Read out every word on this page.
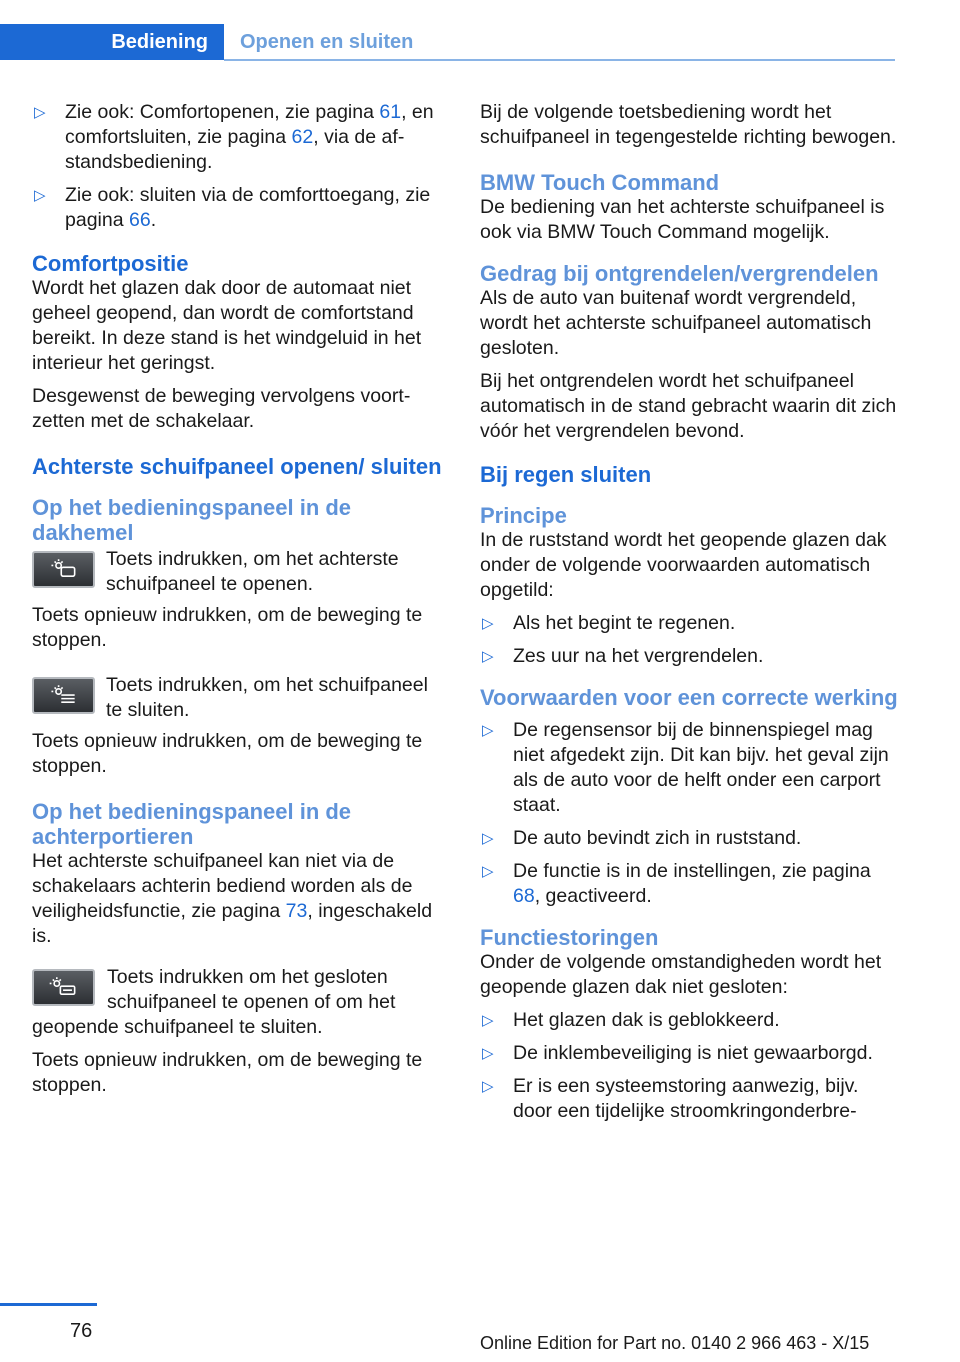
Bediening	Openen en sluiten
▷ Zie ook: Comfortopenen, zie pagina 61, en comfortsluiten, zie pagina 62, via de afstandsbediening.
▷ Zie ook: sluiten via de comforttoegang, zie pagina 66.
Comfortpositie

Wordt het glazen dak door de automaat niet geheel geopend, dan wordt de comfortstand bereikt. In deze stand is het windgeluid in het interieur het geringst.

Desgewenst de beweging vervolgens voortzetten met de schakelaar.

Achterste schuifpaneel openen/ sluiten
Op het bedieningspaneel in de dakhemel
Toets indrukken, om het achterste schuifpaneel te openen.

Toets opnieuw indrukken, om de beweging te stoppen.

Toets indrukken, om het schuifpaneel te sluiten.

Toets opnieuw indrukken, om de beweging te stoppen.

Op het bedieningspaneel in de achterportieren

Het achterste schuifpaneel kan niet via de schakelaars achterin bediend worden als de veiligheidsfunctie, zie pagina 73, ingeschakeld is.

Toets indrukken om het gesloten schuifpaneel te openen of om het geopende schuifpaneel te sluiten.

Toets opnieuw indrukken, om de beweging te stoppen.

Bij de volgende toetsbediening wordt het schuifpaneel in tegengestelde richting bewogen.

BMW Touch Command

De bediening van het achterste schuifpaneel is ook via BMW Touch Command mogelijk.

Gedrag bij ontgrendelen/vergrendelen

Als de auto van buitenaf wordt vergrendeld, wordt het achterste schuifpaneel automatisch gesloten.

Bij het ontgrendelen wordt het schuifpaneel automatisch in de stand gebracht waarin dit zich vóór het vergrendelen bevond.

Bij regen sluiten
Principe

In de ruststand wordt het geopende glazen dak onder de volgende voorwaarden automatisch opgetild:

▷ Als het begint te regenen.
▷ Zes uur na het vergrendelen.
Voorwaarden voor een correcte werking
▷ De regensensor bij de binnenspiegel mag niet afgedekt zijn. Dit kan bijv. het geval zijn als de auto voor de helft onder een carport staat.
▷ De auto bevindt zich in ruststand.
▷ De functie is in de instellingen, zie pagina 68, geactiveerd.
Functiestoringen

Onder de volgende omstandigheden wordt het geopende glazen dak niet gesloten:

▷ Het glazen dak is geblokkeerd.
▷ De inklembeveiliging is niet gewaarborgd.
▷ Er is een systeemstoring aanwezig, bijv. door een tijdelijke stroomkringonderbre-
76
Online Edition for Part no. 0140 2 966 463 - X/15
